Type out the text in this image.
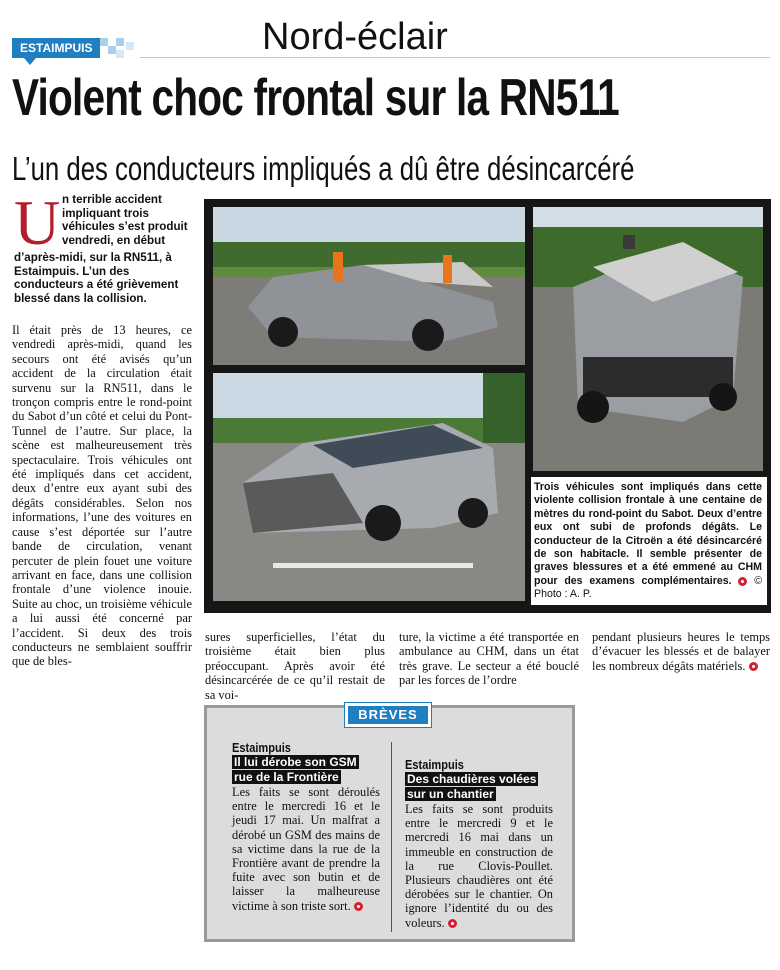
ESTAIMPUIS	Nord-éclair
Violent choc frontal sur la RN511
L’un des conducteurs impliqués a dû être désincarcéré
U n terrible accident impliquant trois véhicules s’est produit vendredi, en début
d’après-midi, sur la RN511, à Estaimpuis. L’un des conducteurs a été grièvement blessé dans la collision.
Il était près de 13 heures, ce vendredi après-midi, quand les secours ont été avisés qu’un accident de la circulation était survenu sur la RN511, dans le tronçon compris entre le rond-point du Sabot d’un côté et celui du Pont-Tunnel de l’autre. Sur place, la scène est malheureusement très spectaculaire. Trois véhicules ont été impliqués dans cet accident, deux d’entre eux ayant subi des dégâts considérables. Selon nos informations, l’une des voitures en cause s’est déportée sur l’autre bande de circulation, venant percuter de plein fouet une voiture arrivant en face, dans une collision frontale d’une violence inouie. Suite au choc, un troisième véhicule a lui aussi été concerné par l’accident. Si deux des trois conducteurs ne semblaient souffrir que de bles-
sures superficielles, l’état du troisième était bien plus préoccupant. Après avoir été désincarcérée de ce qu’il restait de sa voi-
ture, la victime a été transportée en ambulance au CHM, dans un état très grave. Le secteur a été bouclé par les forces de l’ordre
pendant plusieurs heures le temps d’évacuer les blessés et de balayer les nombreux dégâts matériels.
Trois véhicules sont impliqués dans cette violente collision frontale à une centaine de mètres du rond-point du Sabot. Deux d’entre eux ont subi de profonds dégâts. Le conducteur de la Citroën a été désincarcéré de son habitacle. Il semble présenter de graves blessures et a été emmené au CHM pour des examens complémentaires. © Photo : A. P.
BRÈVES
Estaimpuis
Il lui dérobe son GSM
rue de la Frontière
Les faits se sont déroulés entre le mercredi 16 et le jeudi 17 mai. Un malfrat a dérobé un GSM des mains de sa victime dans la rue de la Frontière avant de prendre la fuite avec son butin et de laisser la malheureuse victime à son triste sort.
Estaimpuis
Des chaudières volées
sur un chantier
Les faits se sont produits entre le mercredi 9 et le mercredi 16 mai dans un immeuble en construction de la rue Clovis-Poullet. Plusieurs chaudières ont été dérobées sur le chantier. On ignore l’identité du ou des voleurs.
